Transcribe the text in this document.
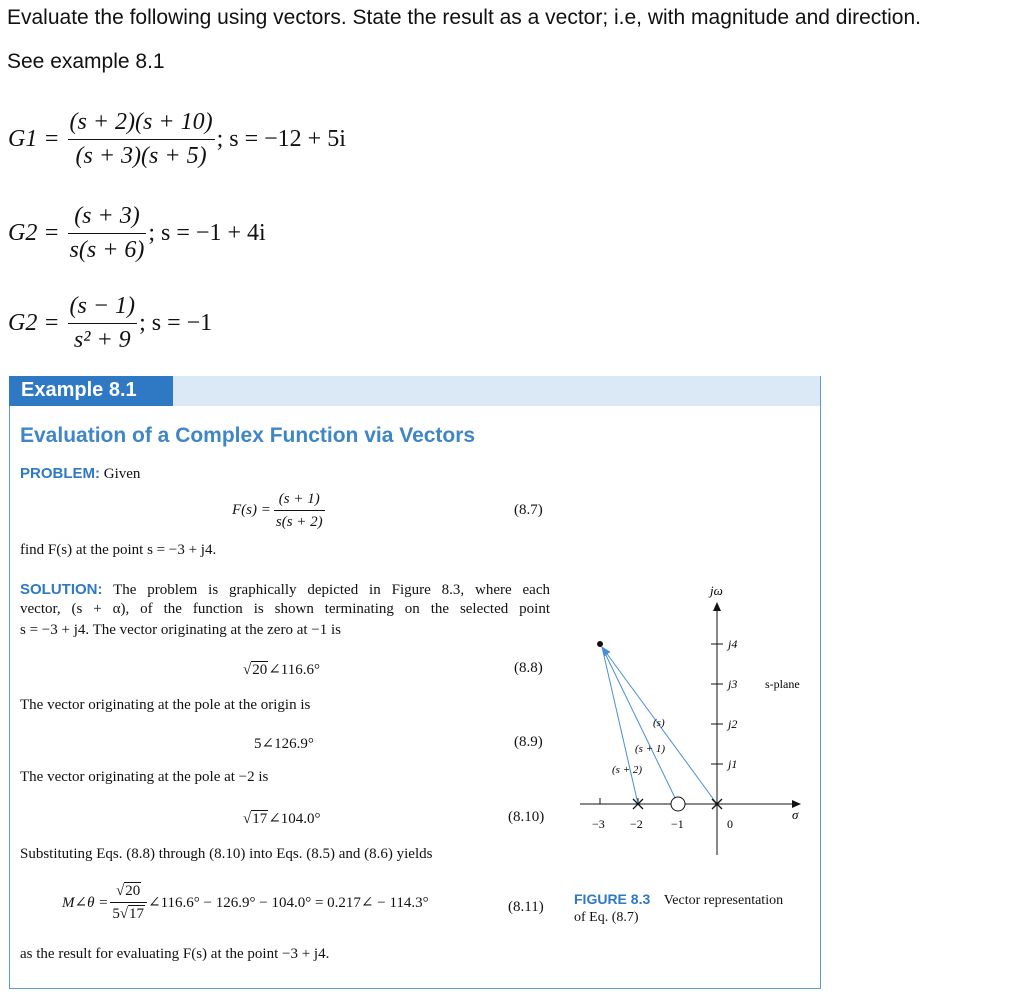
Evaluate the following using vectors. State the result as a vector; i.e, with magnitude and direction.
See example 8.1
$G1 = \frac{(s + 2)(s + 10)}{(s + 3)(s + 5)}$ ; s = −12 + 5i
$G2 = \frac{(s + 3)}{s(s + 6)}$ ; s = −1 + 4i
$G2 = \frac{(s - 1)}{\text{s² + 9}}$ ; s = −1
Example 8.1
Evaluation of a Complex Function via Vectors
PROBLEM: Given
$F(s) = \frac{(s + 1)}{s(s + 2)}$	(8.7)
find F(s) at the point s = −3 + j4.
SOLUTION: The problem is graphically depicted in Figure 8.3, where each
vector, (s + α), of the function is shown terminating on the selected point
s = −3 + j4. The vector originating at the zero at −1 is
√20∠116.6°	(8.8)
The vector originating at the pole at the origin is
5∠126.9°	(8.9)
The vector originating at the pole at −2 is
√17∠104.0°	(8.10)
Substituting Eqs. (8.8) through (8.10) into Eqs. (8.5) and (8.6) yields
M∠θ = $\frac{√20}{5√17}$ ∠116.6° − 126.9° − 104.0° = 0.217∠ − 114.3°	(8.11)
as the result for evaluating F(s) at the point −3 + j4.
jω
σ
s-plane
j1
j2
j3
j4
−3 −2 −1	0
(s)
(s + 1)
(s + 2)
FIGURE 8.3 Vector representation
of Eq. (8.7)
